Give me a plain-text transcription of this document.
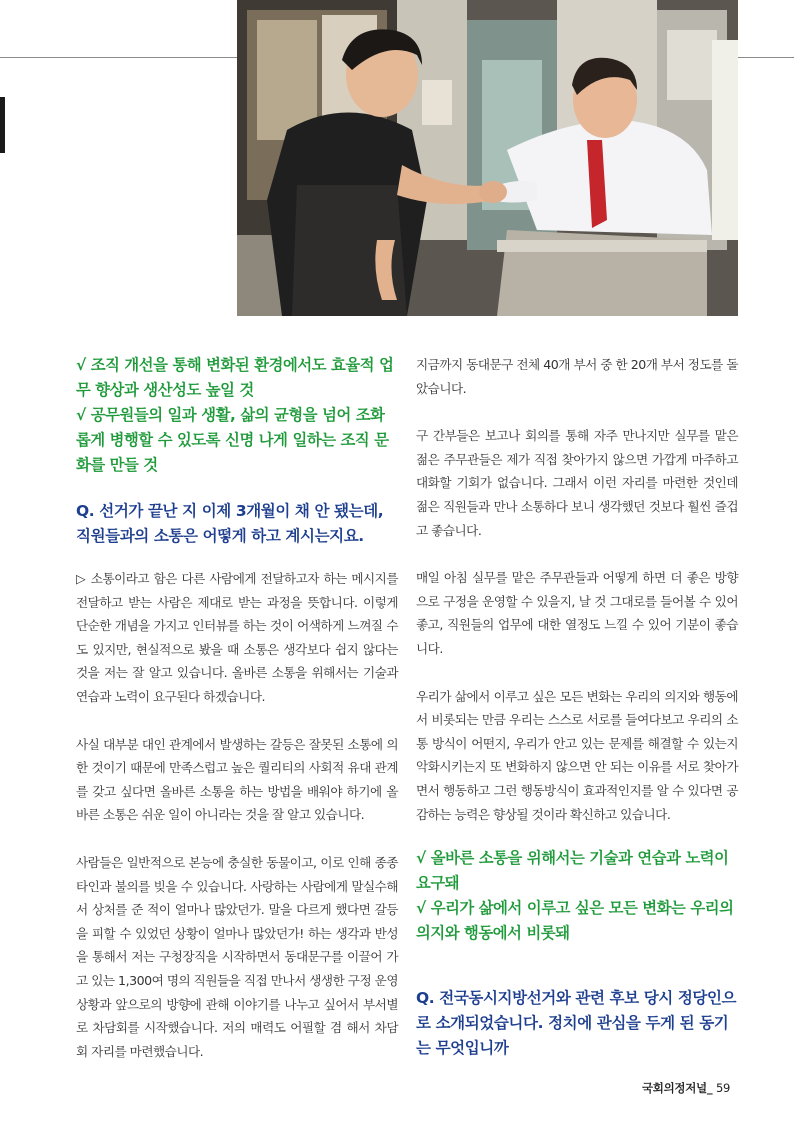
√ 조직 개선을 통해 변화된 환경에서도 효율적 업무 향상과 생산성도 높일 것

√ 공무원들의 일과 생활, 삶의 균형을 넘어 조화롭게 병행할 수 있도록 신명 나게 일하는 조직 문화를 만들 것

Q. 선거가 끝난 지 이제 3개월이 채 안 됐는데, 직원들과의 소통은 어떻게 하고 계시는지요.

▷ 소통이라고 함은 다른 사람에게 전달하고자 하는 메시지를 전달하고 받는 사람은 제대로 받는 과정을 뜻합니다. 이렇게 단순한 개념을 가지고 인터뷰를 하는 것이 어색하게 느껴질 수도 있지만, 현실적으로 봤을 때 소통은 생각보다 쉽지 않다는 것을 저는 잘 알고 있습니다. 올바른 소통을 위해서는 기술과 연습과 노력이 요구된다 하겠습니다.

사실 대부분 대인 관계에서 발생하는 갈등은 잘못된 소통에 의한 것이기 때문에 만족스럽고 높은 퀄리티의 사회적 유대 관계를 갖고 싶다면 올바른 소통을 하는 방법을 배워야 하기에 올바른 소통은 쉬운 일이 아니라는 것을 잘 알고 있습니다.

사람들은 일반적으로 본능에 충실한 동물이고, 이로 인해 종종 타인과 불의를 빚을 수 있습니다. 사랑하는 사람에게 말실수해서 상처를 준 적이 얼마나 많았던가. 말을 다르게 했다면 갈등을 피할 수 있었던 상황이 얼마나 많았던가! 하는 생각과 반성을 통해서 저는 구청장직을 시작하면서 동대문구를 이끌어 가고 있는 1,300여 명의 직원들을 직접 만나서 생생한 구정 운영 상황과 앞으로의 방향에 관해 이야기를 나누고 싶어서 부서별로 차담회를 시작했습니다. 저의 매력도 어필할 겸 해서 차담회 자리를 마련했습니다.

지금까지 동대문구 전체 40개 부서 중 한 20개 부서 정도를 돌았습니다.

구 간부들은 보고나 회의를 통해 자주 만나지만 실무를 맡은 젊은 주무관들은 제가 직접 찾아가지 않으면 가깝게 마주하고 대화할 기회가 없습니다. 그래서 이런 자리를 마련한 것인데 젊은 직원들과 만나 소통하다 보니 생각했던 것보다 훨씬 즐겁고 좋습니다.

매일 아침 실무를 맡은 주무관들과 어떻게 하면 더 좋은 방향으로 구정을 운영할 수 있을지, 날 것 그대로를 들어볼 수 있어 좋고, 직원들의 업무에 대한 열정도 느낄 수 있어 기분이 좋습니다.

우리가 삶에서 이루고 싶은 모든 변화는 우리의 의지와 행동에서 비롯되는 만큼 우리는 스스로 서로를 들여다보고 우리의 소통 방식이 어떤지, 우리가 안고 있는 문제를 해결할 수 있는지 악화시키는지 또 변화하지 않으면 안 되는 이유를 서로 찾아가면서 행동하고 그런 행동방식이 효과적인지를 알 수 있다면 공감하는 능력은 향상될 것이라 확신하고 있습니다.

√ 올바른 소통을 위해서는 기술과 연습과 노력이 요구돼

√ 우리가 삶에서 이루고 싶은 모든 변화는 우리의 의지와 행동에서 비롯돼

Q. 전국동시지방선거와 관련 후보 당시 정당인으로 소개되었습니다. 정치에 관심을 두게 된 동기는 무엇입니까

국회의정저널_ 59
